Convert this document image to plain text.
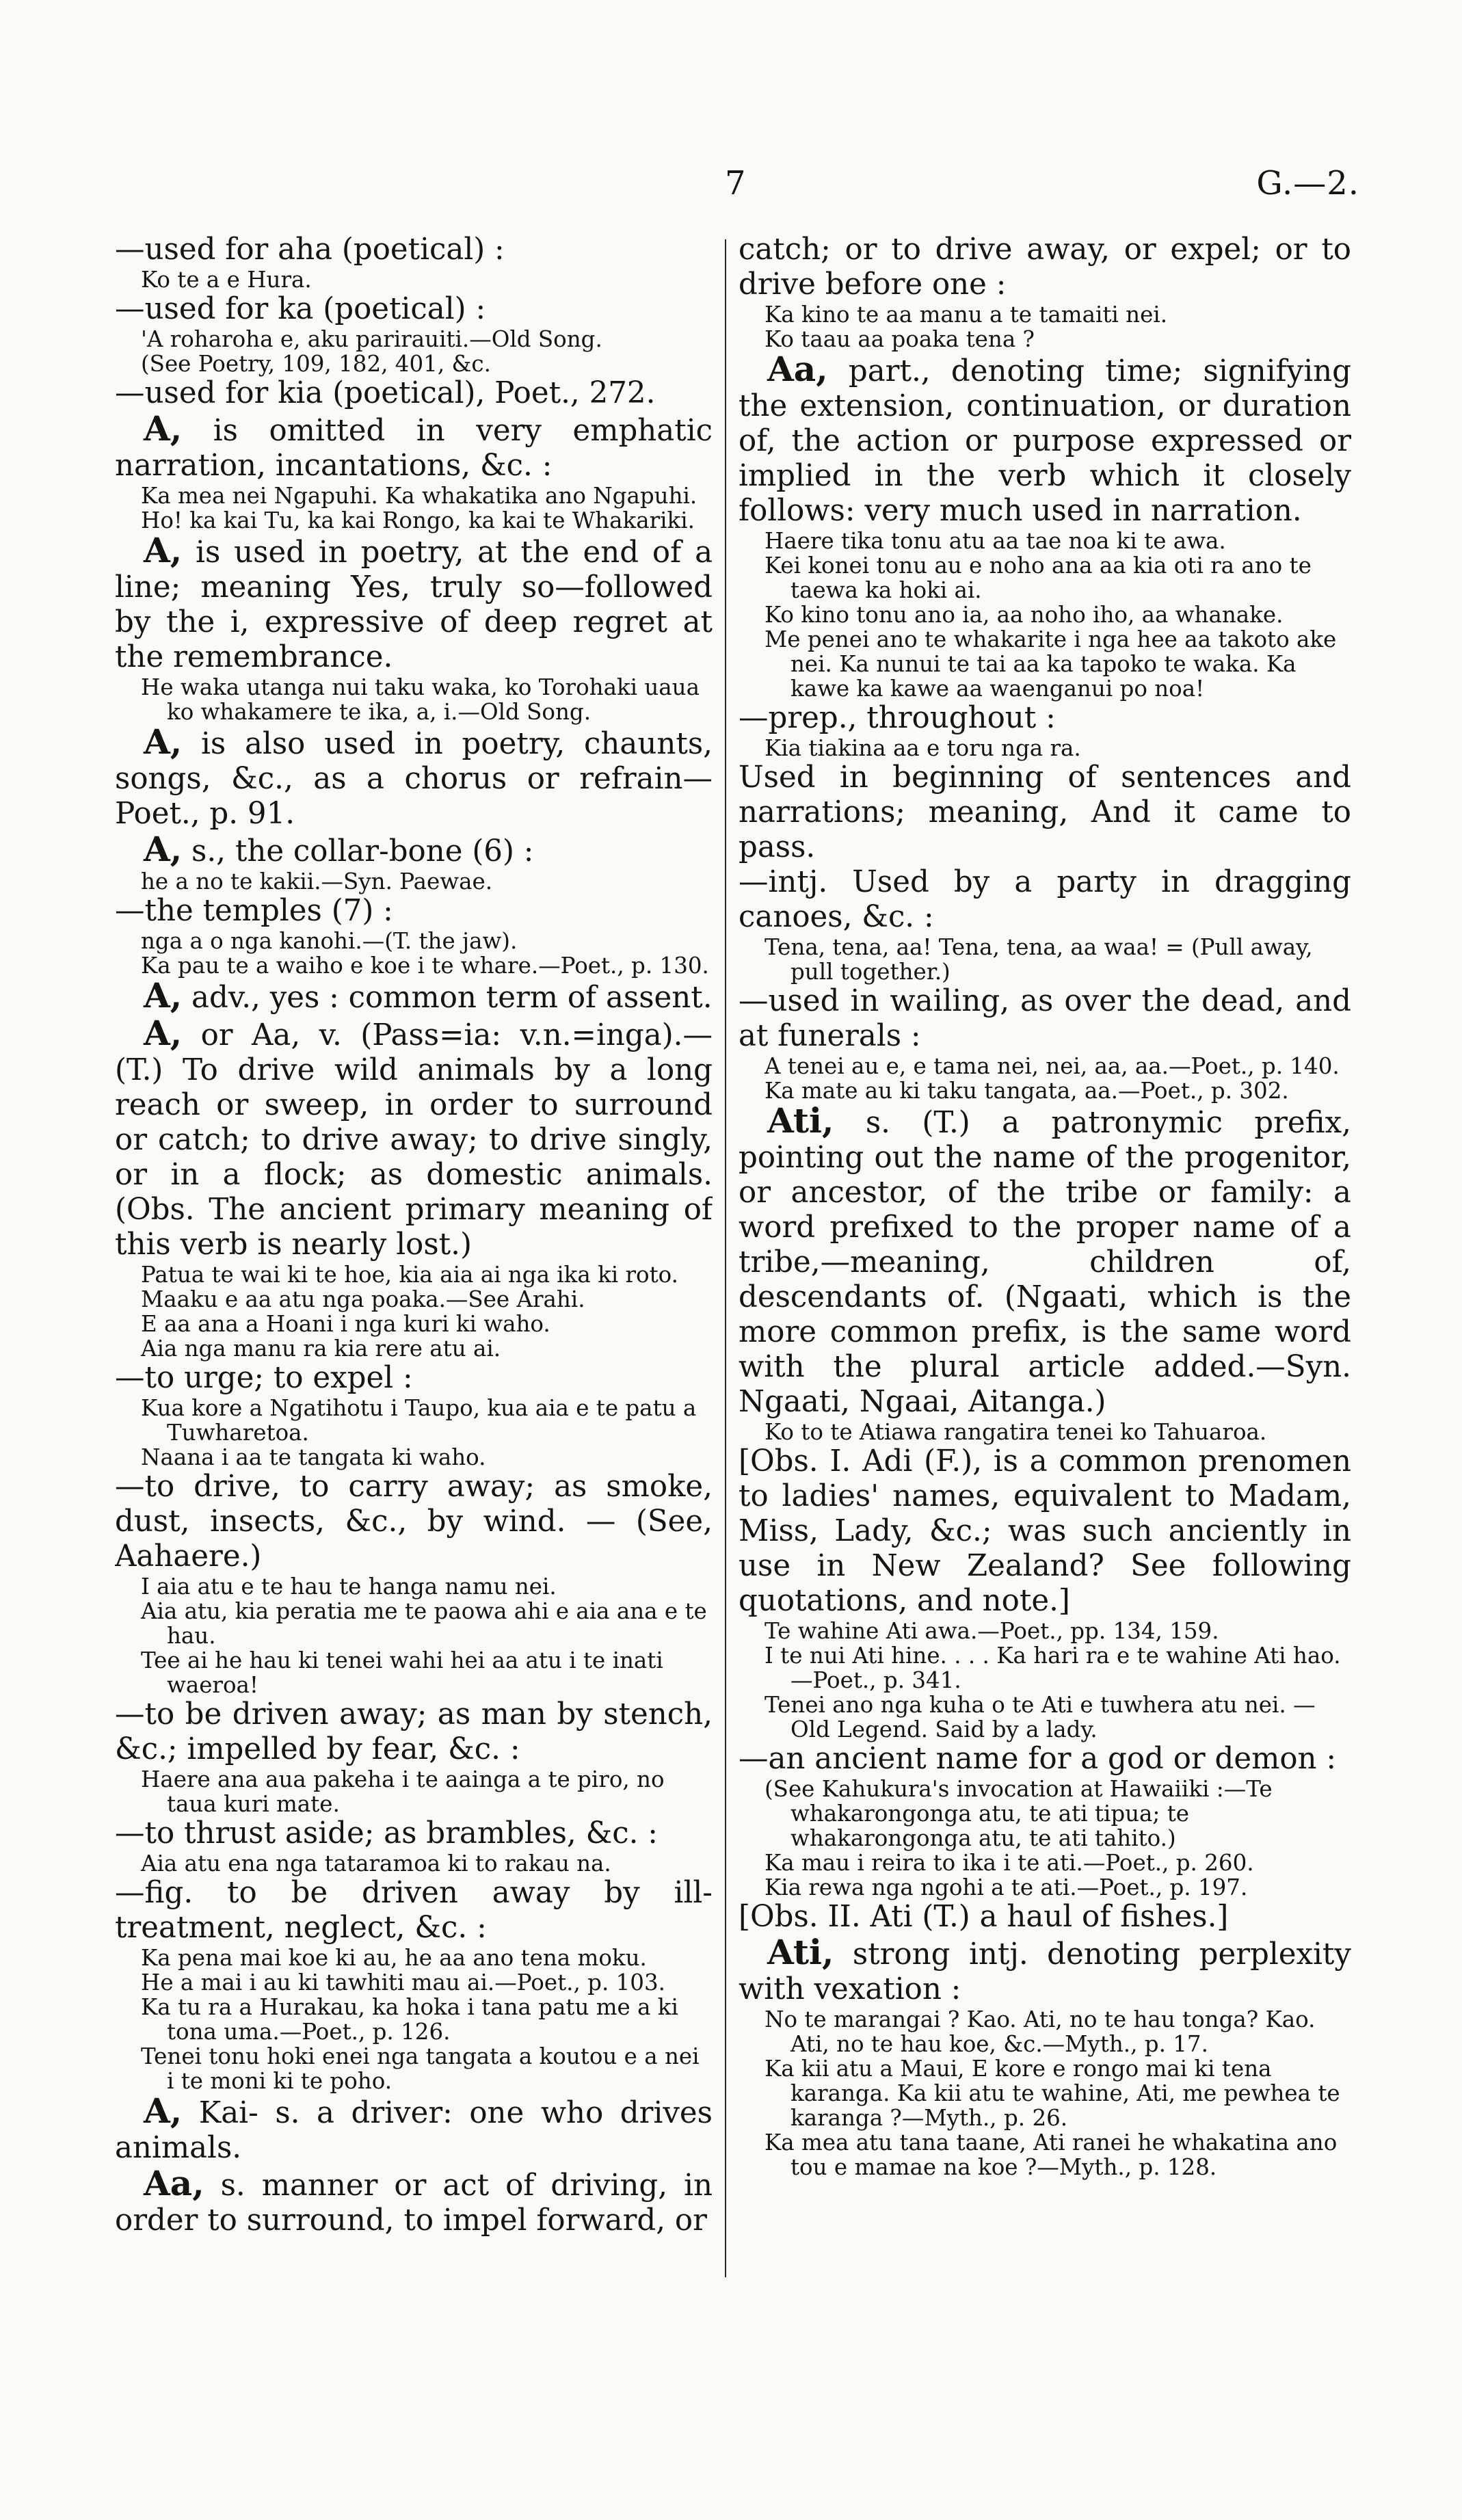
7	G.—2.
—used for aha (poetical) :
Ko te a e Hura.
—used for ka (poetical) :
'A roharoha e, aku parirauiti.—Old Song.
(See Poetry, 109, 182, 401, &c.
—used for kia (poetical), Poet., 272.
A, is omitted in very emphatic narration, incantations, &c. :
Ka mea nei Ngapuhi. Ka whakatika ano Ngapuhi.
Ho! ka kai Tu, ka kai Rongo, ka kai te Whakariki.
A, is used in poetry, at the end of a line; meaning Yes, truly so—followed by the i, expressive of deep regret at the remembrance.
He waka utanga nui taku waka, ko Torohaki uaua ko whakamere te ika, a, i.—Old Song.
A, is also used in poetry, chaunts, songs, &c., as a chorus or refrain—Poet., p. 91.
A, s., the collar-bone (6) :
he a no te kakii.—Syn. Paewae.
—the temples (7) :
nga a o nga kanohi.—(T. the jaw).
Ka pau te a waiho e koe i te whare.—Poet., p. 130.
A, adv., yes : common term of assent.
A, or Aa, v. (Pass=ia: v.n.=inga).—(T.) To drive wild animals by a long reach or sweep, in order to surround or catch; to drive away; to drive singly, or in a flock; as domestic animals. (Obs. The ancient primary meaning of this verb is nearly lost.)
Patua te wai ki te hoe, kia aia ai nga ika ki roto.
Maaku e aa atu nga poaka.—See Arahi.
E aa ana a Hoani i nga kuri ki waho.
Aia nga manu ra kia rere atu ai.
—to urge; to expel :
Kua kore a Ngatihotu i Taupo, kua aia e te patu a Tuwharetoa.
Naana i aa te tangata ki waho.
—to drive, to carry away; as smoke, dust, insects, &c., by wind. — (See, Aahaere.)
I aia atu e te hau te hanga namu nei.
Aia atu, kia peratia me te paowa ahi e aia ana e te hau.
Tee ai he hau ki tenei wahi hei aa atu i te inati waeroa!
—to be driven away; as man by stench, &c.; impelled by fear, &c. :
Haere ana aua pakeha i te aainga a te piro, no taua kuri mate.
—to thrust aside; as brambles, &c. :
Aia atu ena nga tataramoa ki to rakau na.
—fig. to be driven away by ill-treatment, neglect, &c. :
Ka pena mai koe ki au, he aa ano tena moku.
He a mai i au ki tawhiti mau ai.—Poet., p. 103.
Ka tu ra a Hurakau, ka hoka i tana patu me a ki tona uma.—Poet., p. 126.
Tenei tonu hoki enei nga tangata a koutou e a nei i te moni ki te poho.
A, Kai- s. a driver: one who drives animals.
Aa, s. manner or act of driving, in order to surround, to impel forward, or
catch; or to drive away, or expel; or to drive before one :
Ka kino te aa manu a te tamaiti nei.
Ko taau aa poaka tena ?
Aa, part., denoting time; signifying the extension, continuation, or duration of, the action or purpose expressed or implied in the verb which it closely follows: very much used in narration.
Haere tika tonu atu aa tae noa ki te awa.
Kei konei tonu au e noho ana aa kia oti ra ano te taewa ka hoki ai.
Ko kino tonu ano ia, aa noho iho, aa whanake.
Me penei ano te whakarite i nga hee aa takoto ake nei. Ka nunui te tai aa ka tapoko te waka. Ka kawe ka kawe aa waenganui po noa!
—prep., throughout :
Kia tiakina aa e toru nga ra.
Used in beginning of sentences and narrations; meaning, And it came to pass.
—intj. Used by a party in dragging canoes, &c. :
Tena, tena, aa! Tena, tena, aa waa! = (Pull away, pull together.)
—used in wailing, as over the dead, and at funerals :
A tenei au e, e tama nei, nei, aa, aa.—Poet., p. 140.
Ka mate au ki taku tangata, aa.—Poet., p. 302.
Ati, s. (T.) a patronymic prefix, pointing out the name of the progenitor, or ancestor, of the tribe or family: a word prefixed to the proper name of a tribe,—meaning, children of, descendants of. (Ngaati, which is the more common prefix, is the same word with the plural article added.—Syn. Ngaati, Ngaai, Aitanga.)
Ko to te Atiawa rangatira tenei ko Tahuaroa.
[Obs. I. Adi (F.), is a common prenomen to ladies' names, equivalent to Madam, Miss, Lady, &c.; was such anciently in use in New Zealand? See following quotations, and note.]
Te wahine Ati awa.—Poet., pp. 134, 159.
I te nui Ati hine. . . . Ka hari ra e te wahine Ati hao.—Poet., p. 341.
Tenei ano nga kuha o te Ati e tuwhera atu nei. —Old Legend. Said by a lady.
—an ancient name for a god or demon :
(See Kahukura's invocation at Hawaiiki :—Te whakarongonga atu, te ati tipua; te whakarongonga atu, te ati tahito.)
Ka mau i reira to ika i te ati.—Poet., p. 260.
Kia rewa nga ngohi a te ati.—Poet., p. 197.
[Obs. II. Ati (T.) a haul of fishes.]
Ati, strong intj. denoting perplexity with vexation :
No te marangai ? Kao. Ati, no te hau tonga? Kao. Ati, no te hau koe, &c.—Myth., p. 17.
Ka kii atu a Maui, E kore e rongo mai ki tena karanga. Ka kii atu te wahine, Ati, me pewhea te karanga ?—Myth., p. 26.
Ka mea atu tana taane, Ati ranei he whakatina ano tou e mamae na koe ?—Myth., p. 128.
